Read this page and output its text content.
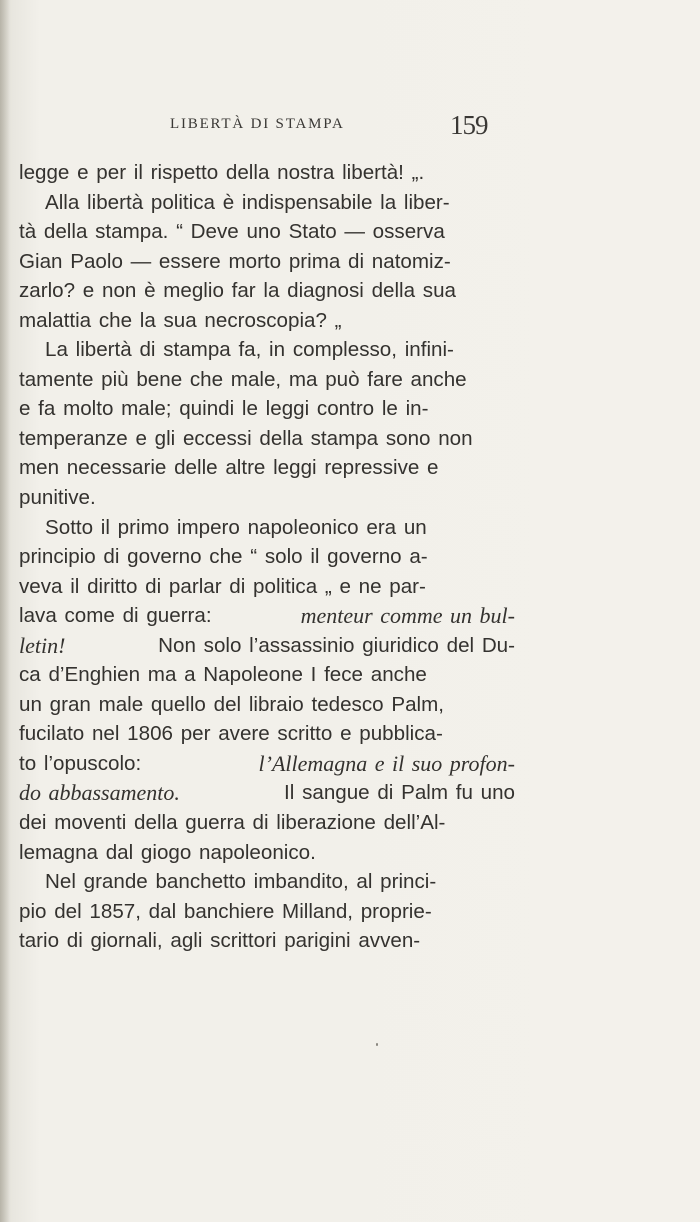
LIBERTÀ DI STAMPA	159
legge e per il rispetto della nostra libertà! „.
Alla libertà politica è indispensabile la liber-
tà della stampa. “ Deve uno Stato — osserva
Gian Paolo — essere morto prima di natomiz-
zarlo? e non è meglio far la diagnosi della sua
malattia che la sua necroscopia? „
La libertà di stampa fa, in complesso, infini-
tamente più bene che male, ma può fare anche
e fa molto male; quindi le leggi contro le in-
temperanze e gli eccessi della stampa sono non
men necessarie delle altre leggi repressive e
punitive.
Sotto il primo impero napoleonico era un
principio di governo che “ solo il governo a-
veva il diritto di parlar di politica „ e ne par-
lava come di guerra:	menteur comme un bul-
letin!	Non solo l’assassinio giuridico del Du-
ca d’Enghien ma a Napoleone I fece anche
un gran male quello del libraio tedesco Palm,
fucilato nel 1806 per avere scritto e pubblica-
to l’opuscolo:	l’Allemagna e il suo profon-
do abbassamento.	Il sangue di Palm fu uno
dei moventi della guerra di liberazione dell’Al-
lemagna dal giogo napoleonico.
Nel grande banchetto imbandito, al princi-
pio del 1857, dal banchiere Milland, proprie-
tario di giornali, agli scrittori parigini avven-
